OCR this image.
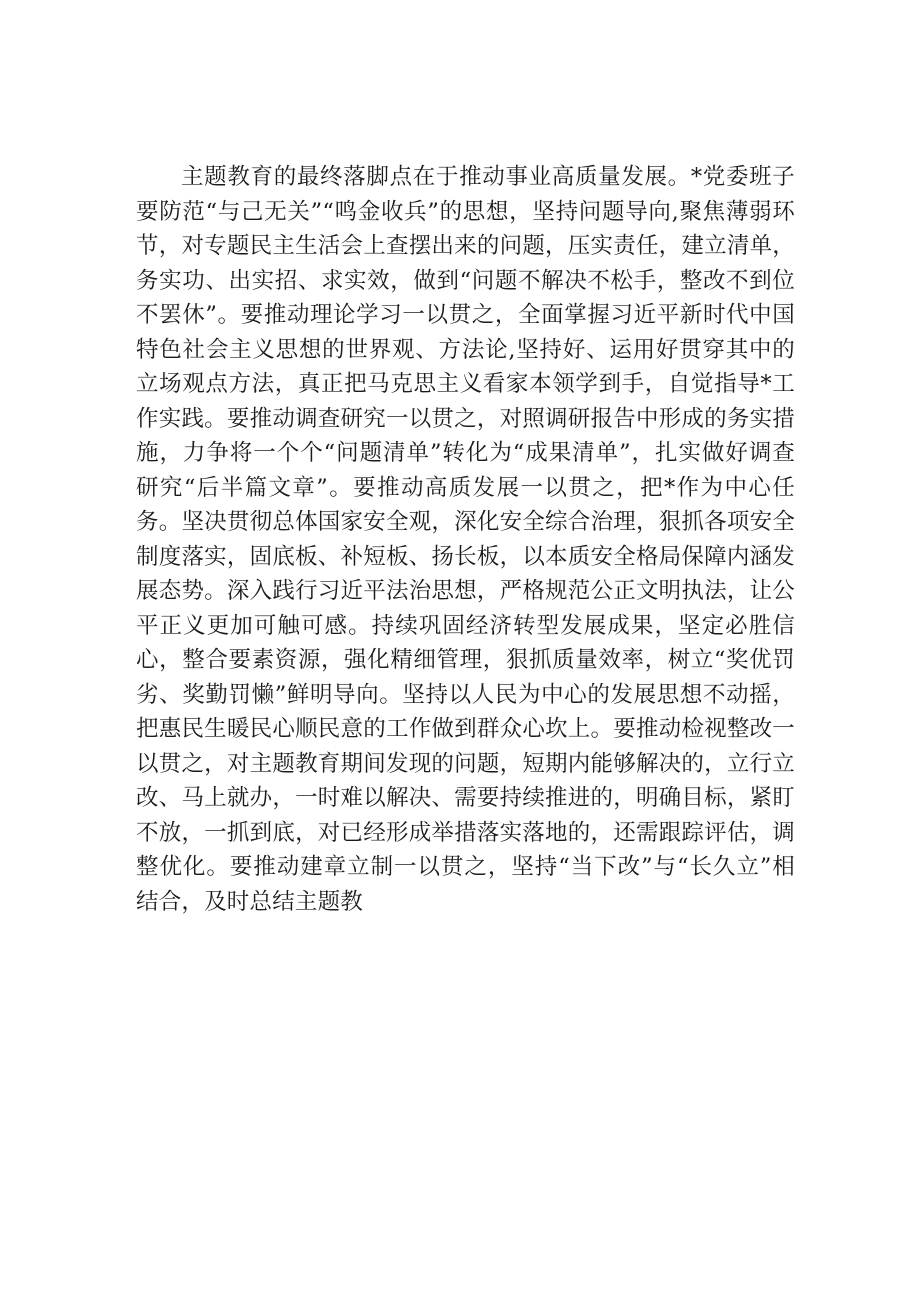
主题教育的最终落脚点在于推动事业高质量发展。*党委班子要防范“与己无关”“鸣金收兵”的思想，坚持问题导向,聚焦薄弱环节，对专题民主生活会上查摆出来的问题，压实责任，建立清单，务实功、出实招、求实效，做到“问题不解决不松手，整改不到位不罢休”。要推动理论学习一以贯之，全面掌握习近平新时代中国特色社会主义思想的世界观、方法论,坚持好、运用好贯穿其中的立场观点方法，真正把马克思主义看家本领学到手，自觉指导*工作实践。要推动调查研究一以贯之，对照调研报告中形成的务实措施，力争将一个个“问题清单”转化为“成果清单”，扎实做好调查研究“后半篇文章”。要推动高质发展一以贯之，把*作为中心任务。坚决贯彻总体国家安全观，深化安全综合治理，狠抓各项安全制度落实，固底板、补短板、扬长板，以本质安全格局保障内涵发展态势。深入践行习近平法治思想，严格规范公正文明执法，让公平正义更加可触可感。持续巩固经济转型发展成果，坚定必胜信心，整合要素资源，强化精细管理，狠抓质量效率，树立“奖优罚劣、奖勤罚懒”鲜明导向。坚持以人民为中心的发展思想不动摇，把惠民生暖民心顺民意的工作做到群众心坎上。要推动检视整改一以贯之，对主题教育期间发现的问题，短期内能够解决的，立行立改、马上就办，一时难以解决、需要持续推进的，明确目标，紧盯不放，一抓到底，对已经形成举措落实落地的，还需跟踪评估，调整优化。要推动建章立制一以贯之，坚持“当下改”与“长久立”相结合，及时总结主题教
